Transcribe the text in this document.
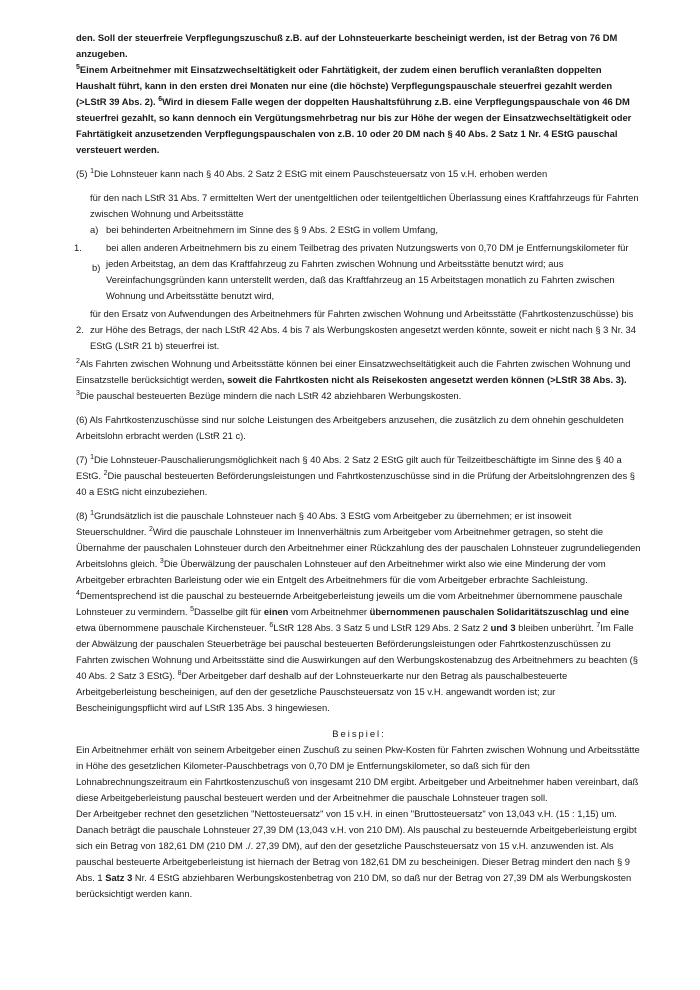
den. Soll der steuerfreie Verpflegungszuschuß z.B. auf der Lohnsteuerkarte bescheinigt werden, ist der Betrag von 76 DM anzugeben.
$^5$Einem Arbeitnehmer mit Einsatzwechseltätigkeit oder Fahrtätigkeit, der zudem einen beruflich veranlaßten doppelten Haushalt führt, kann in den ersten drei Monaten nur eine (die höchste) Verpflegungspauschale steuerfrei gezahlt werden (>LStR 39 Abs. 2). $^6$Wird in diesem Falle wegen der doppelten Haushaltsführung z.B. eine Verpflegungspauschale von 46 DM steuerfrei gezahlt, so kann dennoch ein Vergütungsmehrbetrag nur bis zur Höhe der wegen der Einsatzwechseltätigkeit oder Fahrtätigkeit anzusetzenden Verpflegungspauschalen von z.B. 10 oder 20 DM nach § 40 Abs. 2 Satz 1 Nr. 4 EStG pauschal versteuert werden.

(5) $^1$Die Lohnsteuer kann nach § 40 Abs. 2 Satz 2 EStG mit einem Pauschsteuersatz von 15 v.H. erhoben werden

für den nach LStR 31 Abs. 7 ermittelten Wert der unentgeltlichen oder teilentgeltlichen Überlassung eines Kraftfahrzeugs für Fahrten zwischen Wohnung und Arbeitsstätte

a) bei behinderten Arbeitnehmern im Sinne des § 9 Abs. 2 EStG in vollem Umfang,
1.
b)
bei allen anderen Arbeitnehmern bis zu einem Teilbetrag des privaten Nutzungswerts von 0,70 DM je Entfernungskilometer für jeden Arbeitstag, an dem das Kraftfahrzeug zu Fahrten zwischen Wohnung und Arbeitsstätte benutzt wird; aus Vereinfachungsgründen kann unterstellt werden, daß das Kraftfahrzeug an 15 Arbeitstagen monatlich zu Fahrten zwischen Wohnung und Arbeitsstätte benutzt wird,
2.
für den Ersatz von Aufwendungen des Arbeitnehmers für Fahrten zwischen Wohnung und Arbeitsstätte (Fahrtkostenzuschüsse) bis zur Höhe des Betrags, der nach LStR 42 Abs. 4 bis 7 als Werbungskosten angesetzt werden könnte, soweit er nicht nach § 3 Nr. 34 EStG (LStR 21 b) steuerfrei ist.

$^2$Als Fahrten zwischen Wohnung und Arbeitsstätte können bei einer Einsatzwechseltätigkeit auch die Fahrten zwischen Wohnung und Einsatzstelle berücksichtigt werden, soweit die Fahrtkosten nicht als Reisekosten angesetzt werden können (>LStR 38 Abs. 3). $^3$Die pauschal besteuerten Bezüge mindern die nach LStR 42 abziehbaren Werbungskosten.

(6) Als Fahrtkostenzuschüsse sind nur solche Leistungen des Arbeitgebers anzusehen, die zusätzlich zu dem ohnehin geschuldeten Arbeitslohn erbracht werden (LStR 21 c).

(7) $^1$Die Lohnsteuer-Pauschalierungsmöglichkeit nach § 40 Abs. 2 Satz 2 EStG gilt auch für Teilzeitbeschäftigte im Sinne des § 40 a EStG. $^2$Die pauschal besteuerten Beförderungsleistungen und Fahrtkostenzuschüsse sind in die Prüfung der Arbeitslohngrenzen des § 40 a EStG nicht einzubeziehen.

(8) $^1$Grundsätzlich ist die pauschale Lohnsteuer nach § 40 Abs. 3 EStG vom Arbeitgeber zu übernehmen; er ist insoweit Steuerschuldner. $^2$Wird die pauschale Lohnsteuer im Innenverhältnis zum Arbeitgeber vom Arbeitnehmer getragen, so steht die Übernahme der pauschalen Lohnsteuer durch den Arbeitnehmer einer Rückzahlung des der pauschalen Lohnsteuer zugrundeliegenden Arbeitslohns gleich. $^3$Die Überwälzung der pauschalen Lohnsteuer auf den Arbeitnehmer wirkt also wie eine Minderung der vom Arbeitgeber erbrachten Barleistung oder wie ein Entgelt des Arbeitnehmers für die vom Arbeitgeber erbrachte Sachleistung. $^4$Dementsprechend ist die pauschal zu besteuernde Arbeitgeberleistung jeweils um die vom Arbeitnehmer übernommene pauschale Lohnsteuer zu vermindern. $^5$Dasselbe gilt für einen vom Arbeitnehmer übernommenen pauschalen Solidaritätszuschlag und eine etwa übernommene pauschale Kirchensteuer. $^6$LStR 128 Abs. 3 Satz 5 und LStR 129 Abs. 2 Satz 2 und 3 bleiben unberührt. $^7$Im Falle der Abwälzung der pauschalen Steuerbeträge bei pauschal besteuerten Beförderungsleistungen oder Fahrtkostenzuschüssen zu Fahrten zwischen Wohnung und Arbeitsstätte sind die Auswirkungen auf den Werbungskostenabzug des Arbeitnehmers zu beachten (§ 40 Abs. 2 Satz 3 EStG). $^8$Der Arbeitgeber darf deshalb auf der Lohnsteuerkarte nur den Betrag als pauschalbesteuerte Arbeitgeberleistung bescheinigen, auf den der gesetzliche Pauschsteuersatz von 15 v.H. angewandt worden ist; zur Bescheinigungspflicht wird auf LStR 135 Abs. 3 hingewiesen.

Beispiel:

Ein Arbeitnehmer erhält von seinem Arbeitgeber einen Zuschuß zu seinen Pkw-Kosten für Fahrten zwischen Wohnung und Arbeitsstätte in Höhe des gesetzlichen Kilometer-Pauschbetrags von 0,70 DM je Entfernungskilometer, so daß sich für den Lohnabrechnungszeitraum ein Fahrtkostenzuschuß von insgesamt 210 DM ergibt. Arbeitgeber und Arbeitnehmer haben vereinbart, daß diese Arbeitgeberleistung pauschal besteuert werden und der Arbeitnehmer die pauschale Lohnsteuer tragen soll.

Der Arbeitgeber rechnet den gesetzlichen "Nettosteuersatz" von 15 v.H. in einen "Bruttosteuersatz" von 13,043 v.H. (15 : 1,15) um. Danach beträgt die pauschale Lohnsteuer 27,39 DM (13,043 v.H. von 210 DM). Als pauschal zu besteuernde Arbeitgeberleistung ergibt sich ein Betrag von 182,61 DM (210 DM ./. 27,39 DM), auf den der gesetzliche Pauschsteuersatz von 15 v.H. anzuwenden ist. Als pauschal besteuerte Arbeitgeberleistung ist hiernach der Betrag von 182,61 DM zu bescheinigen. Dieser Betrag mindert den nach § 9 Abs. 1 Satz 3 Nr. 4 EStG abziehbaren Werbungskostenbetrag von 210 DM, so daß nur der Betrag von 27,39 DM als Werbungskosten berücksichtigt werden kann.
